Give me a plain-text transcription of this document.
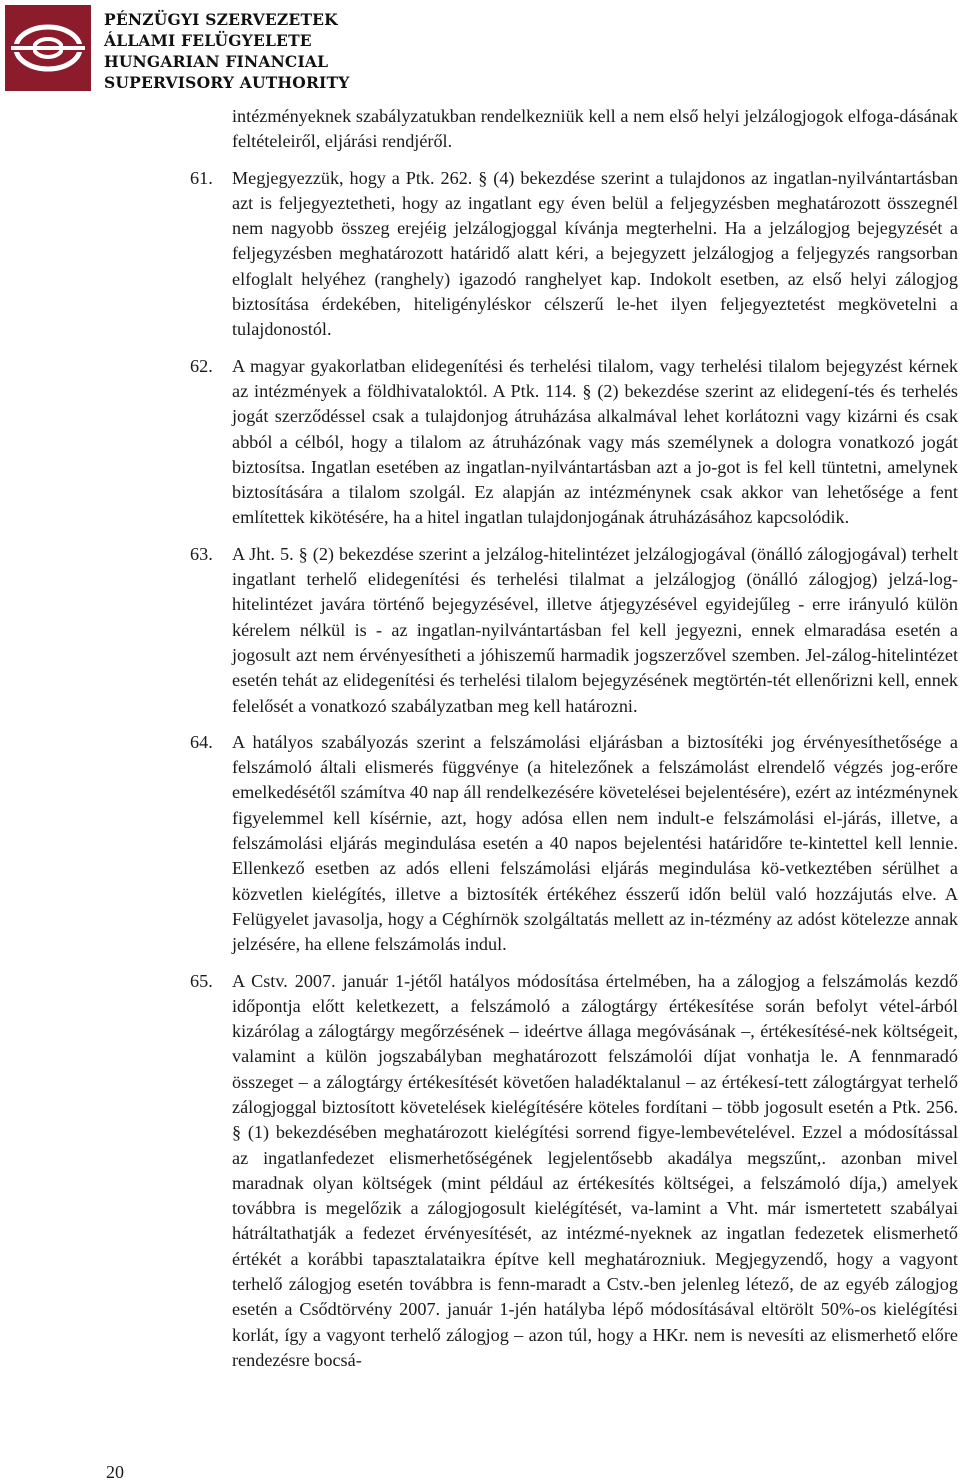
PÉNZÜGYI SZERVEZETEK
ÁLLAMI FELÜGYELETE
HUNGARIAN FINANCIAL
SUPERVISORY AUTHORITY
intézményeknek szabályzatukban rendelkezniük kell a nem első helyi jelzálogjogok elfoga-dásának feltételeiről, eljárási rendjéről.
61.	Megjegyezzük, hogy a Ptk. 262. § (4) bekezdése szerint a tulajdonos az ingatlan-nyilvántartásban azt is feljegyeztetheti, hogy az ingatlant egy éven belül a feljegyzésben meghatározott összegnél nem nagyobb összeg erejéig jelzálogjoggal kívánja megterhelni. Ha a jelzálogjog bejegyzését a feljegyzésben meghatározott határidő alatt kéri, a bejegyzett jelzálogjog a feljegyzés rangsorban elfoglalt helyéhez (ranghely) igazodó ranghelyet kap. Indokolt esetben, az első helyi zálogjog biztosítása érdekében, hiteligényléskor célszerű le-het ilyen feljegyeztetést megkövetelni a tulajdonostól.
62.	A magyar gyakorlatban elidegenítési és terhelési tilalom, vagy terhelési tilalom bejegyzést kérnek az intézmények a földhivataloktól. A Ptk. 114. § (2) bekezdése szerint az elidegení-tés és terhelés jogát szerződéssel csak a tulajdonjog átruházása alkalmával lehet korlátozni vagy kizárni és csak abból a célból, hogy a tilalom az átruházónak vagy más személynek a dologra vonatkozó jogát biztosítsa. Ingatlan esetében az ingatlan-nyilvántartásban azt a jo-got is fel kell tüntetni, amelynek biztosítására a tilalom szolgál. Ez alapján az intézménynek csak akkor van lehetősége a fent említettek kikötésére, ha a hitel ingatlan tulajdonjogának átruházásához kapcsolódik.
63.	A Jht. 5. § (2) bekezdése szerint a jelzálog-hitelintézet jelzálogjogával (önálló zálogjogával) terhelt ingatlant terhelő elidegenítési és terhelési tilalmat a jelzálogjog (önálló zálogjog) jelzá-log-hitelintézet javára történő bejegyzésével, illetve átjegyzésével egyidejűleg - erre irányuló külön kérelem nélkül is - az ingatlan-nyilvántartásban fel kell jegyezni, ennek elmaradása esetén a jogosult azt nem érvényesítheti a jóhiszemű harmadik jogszerzővel szemben. Jel-zálog-hitelintézet esetén tehát az elidegenítési és terhelési tilalom bejegyzésének megtörtén-tét ellenőrizni kell, ennek felelősét a vonatkozó szabályzatban meg kell határozni.
64.	A hatályos szabályozás szerint a felszámolási eljárásban a biztosítéki jog érvényesíthetősége a felszámoló általi elismerés függvénye (a hitelezőnek a felszámolást elrendelő végzés jog-erőre emelkedésétől számítva 40 nap áll rendelkezésére követelései bejelentésére), ezért az intézménynek figyelemmel kell kísérnie, azt, hogy adósa ellen nem indult-e felszámolási el-járás, illetve, a felszámolási eljárás megindulása esetén a 40 napos bejelentési határidőre te-kintettel kell lennie. Ellenkező esetben az adós elleni felszámolási eljárás megindulása kö-vetkeztében sérülhet a közvetlen kielégítés, illetve a biztosíték értékéhez ésszerű időn belül való hozzájutás elve. A Felügyelet javasolja, hogy a Céghírnök szolgáltatás mellett az in-tézmény az adóst kötelezze annak jelzésére, ha ellene felszámolás indul.
65.	A Cstv. 2007. január 1-jétől hatályos módosítása értelmében, ha a zálogjog a felszámolás kezdő időpontja előtt keletkezett, a felszámoló a zálogtárgy értékesítése során befolyt vétel-árból kizárólag a zálogtárgy megőrzésének – ideértve állaga megóvásának –, értékesítésé-nek költségeit, valamint a külön jogszabályban meghatározott felszámolói díjat vonhatja le. A fennmaradó összeget – a zálogtárgy értékesítését követően haladéktalanul – az értékesí-tett zálogtárgyat terhelő zálogjoggal biztosított követelések kielégítésére köteles fordítani – több jogosult esetén a Ptk. 256. § (1) bekezdésében meghatározott kielégítési sorrend figye-lembevételével. Ezzel a módosítással az ingatlanfedezet elismerhetőségének legjelentősebb akadálya megszűnt,. azonban mivel maradnak olyan költségek (mint például az értékesítés költségei, a felszámoló díja,) amelyek továbbra is megelőzik a zálogjogosult kielégítését, va-lamint a Vht. már ismertetett szabályai hátráltathatják a fedezet érvényesítését, az intézmé-nyeknek az ingatlan fedezetek elismerhető értékét a korábbi tapasztalataikra építve kell meghatározniuk. Megjegyzendő, hogy a vagyont terhelő zálogjog esetén továbbra is fenn-maradt a Cstv.-ben jelenleg létező, de az egyéb zálogjog esetén a Csődtörvény 2007. január 1-jén hatályba lépő módosításával eltörölt 50%-os kielégítési korlát, így a vagyont terhelő zálogjog – azon túl, hogy a HKr. nem is nevesíti az elismerhető előre rendezésre bocsá-
20
